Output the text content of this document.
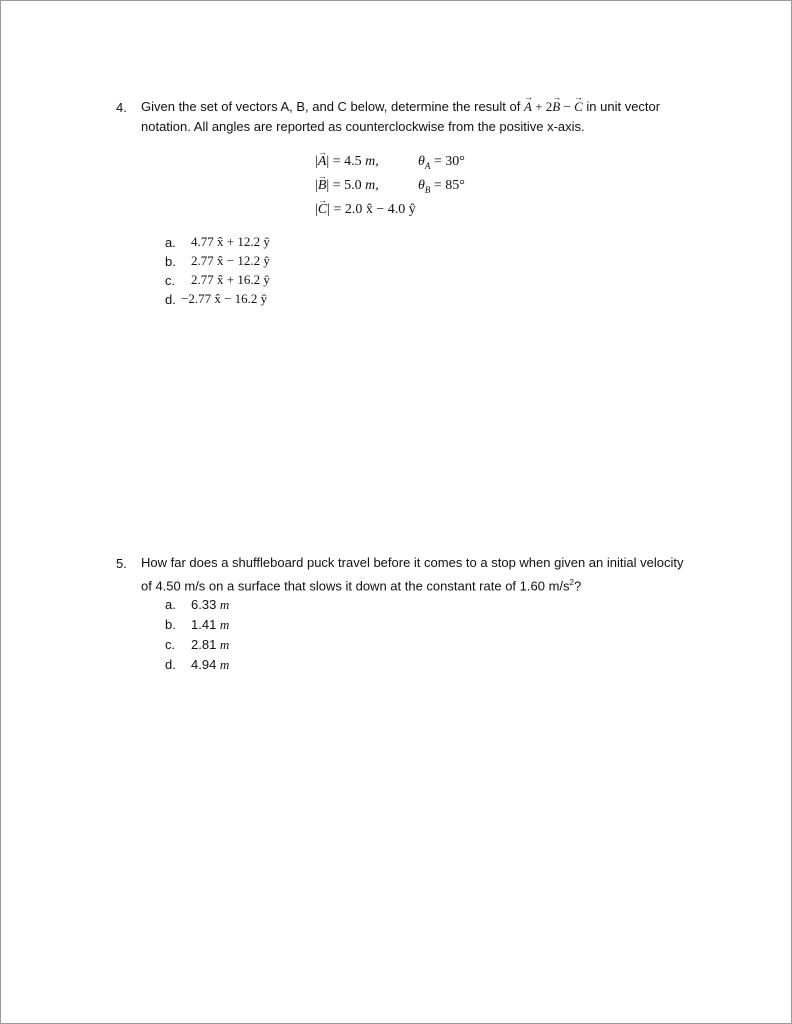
4. Given the set of vectors A, B, and C below, determine the result of A → + 2B → − C → in unit vector
notation. All angles are reported as counterclockwise from the positive x-axis.
|A →| = 4.5 m,	$\theta_A = 30^\circ$
|B →| = 5.0 m,	$\theta_B = 85^\circ$
|C →| = 2.0 x̂ − 4.0 ŷ
a. 4.77 x̂ + 12.2 ŷ
b. 2.77 x̂ − 12.2 ŷ
c. 2.77 x̂ + 16.2 ŷ
d. −2.77 x̂ − 16.2 ŷ
5. How far does a shuffleboard puck travel before it comes to a stop when given an initial velocity
of 4.50 m/s on a surface that slows it down at the constant rate of 1.60 $m/s^2$?
a. 6.33 m
b. 1.41 m
c. 2.81 m
d. 4.94 m
